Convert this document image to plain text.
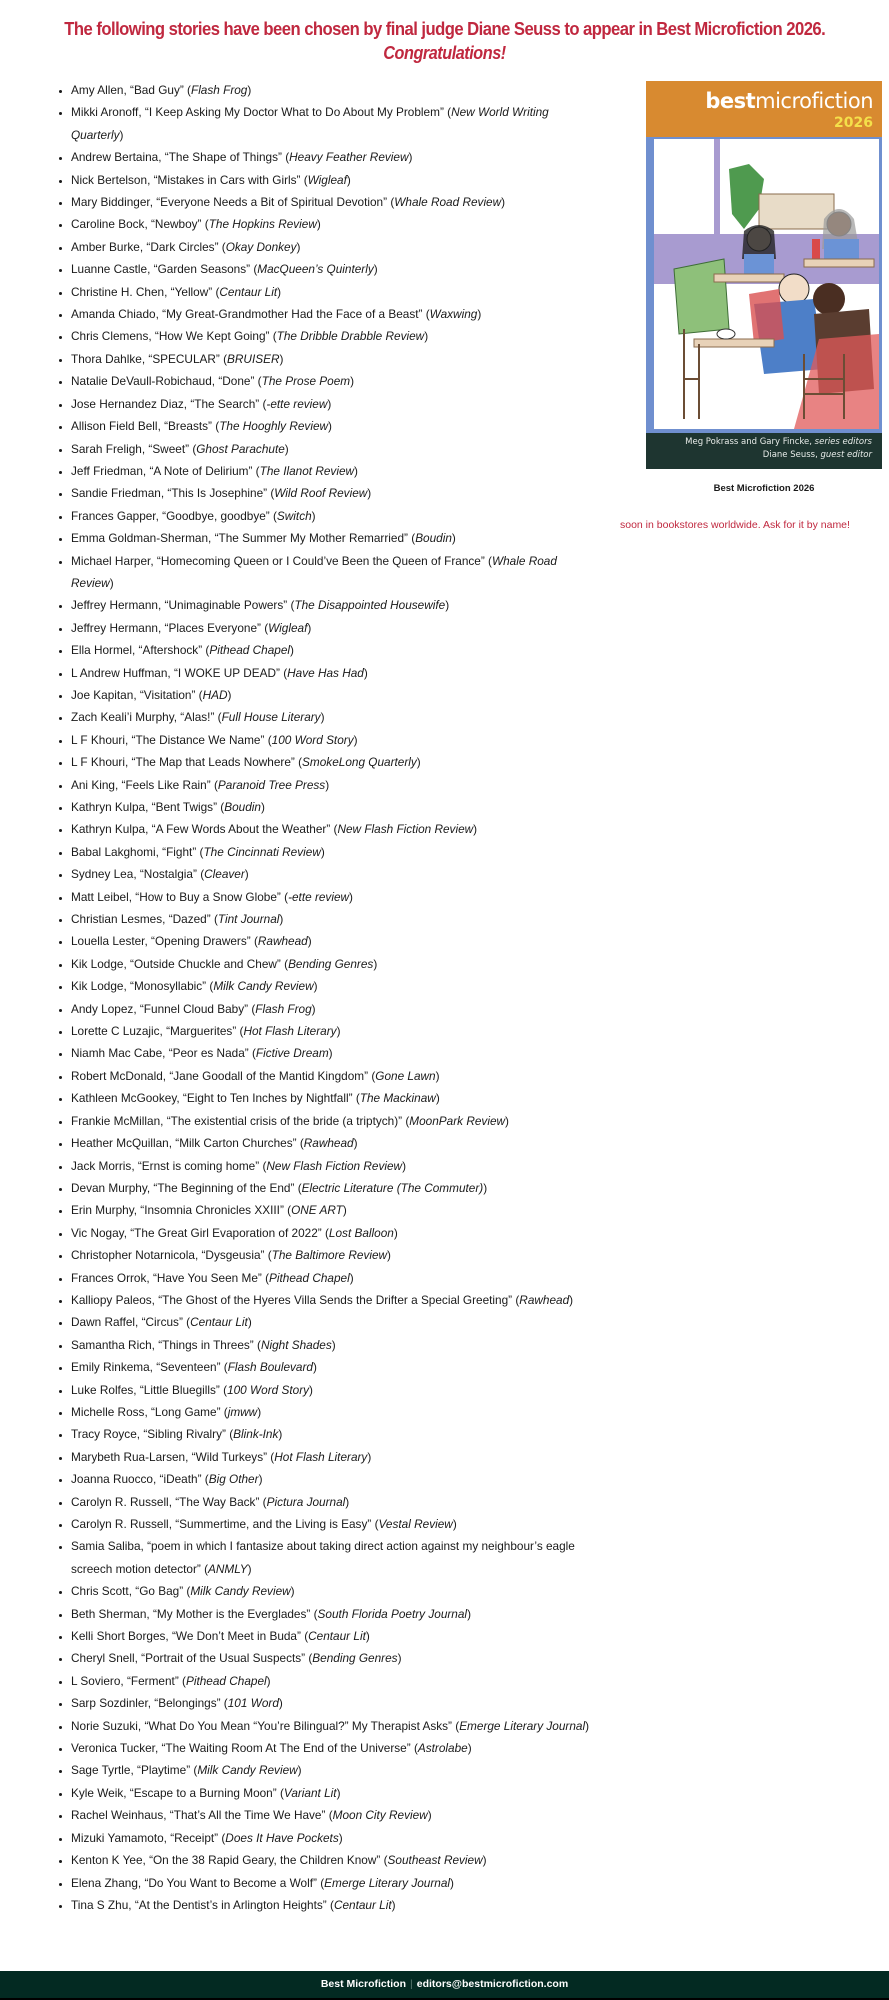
The following stories have been chosen by final judge Diane Seuss to appear in Best Microfiction 2026.
Congratulations!
• Amy Allen, “Bad Guy” (Flash Frog)
• Mikki Aronoff, “I Keep Asking My Doctor What to Do About My Problem” (New World Writing Quarterly)
• Andrew Bertaina, “The Shape of Things” (Heavy Feather Review)
• Nick Bertelson, “Mistakes in Cars with Girls” (Wigleaf)
• Mary Biddinger, “Everyone Needs a Bit of Spiritual Devotion” (Whale Road Review)
• Caroline Bock, “Newboy” (The Hopkins Review)
• Amber Burke, “Dark Circles” (Okay Donkey)
• Luanne Castle, “Garden Seasons” (MacQueen’s Quinterly)
• Christine H. Chen, “Yellow” (Centaur Lit)
• Amanda Chiado, “My Great-Grandmother Had the Face of a Beast” (Waxwing)
• Chris Clemens, “How We Kept Going” (The Dribble Drabble Review)
• Thora Dahlke, “SPECULAR” (BRUISER)
• Natalie DeVaull-Robichaud, “Done” (The Prose Poem)
• Jose Hernandez Diaz, “The Search” (-ette review)
• Allison Field Bell, “Breasts” (The Hooghly Review)
• Sarah Freligh, “Sweet” (Ghost Parachute)
• Jeff Friedman, “A Note of Delirium” (The Ilanot Review)
• Sandie Friedman, “This Is Josephine” (Wild Roof Review)
• Frances Gapper, “Goodbye, goodbye” (Switch)
• Emma Goldman-Sherman, “The Summer My Mother Remarried” (Boudin)
• Michael Harper, “Homecoming Queen or I Could’ve Been the Queen of France” (Whale Road Review)
• Jeffrey Hermann, “Unimaginable Powers” (The Disappointed Housewife)
• Jeffrey Hermann, “Places Everyone” (Wigleaf)
• Ella Hormel, “Aftershock” (Pithead Chapel)
• L Andrew Huffman, “I WOKE UP DEAD” (Have Has Had)
• Joe Kapitan, “Visitation” (HAD)
• Zach Keali’i Murphy, “Alas!” (Full House Literary)
• L F Khouri, “The Distance We Name” (100 Word Story)
• L F Khouri, “The Map that Leads Nowhere” (SmokeLong Quarterly)
• Ani King, “Feels Like Rain” (Paranoid Tree Press)
• Kathryn Kulpa, “Bent Twigs” (Boudin)
• Kathryn Kulpa, “A Few Words About the Weather” (New Flash Fiction Review)
• Babal Lakghomi, “Fight” (The Cincinnati Review)
• Sydney Lea, “Nostalgia” (Cleaver)
• Matt Leibel, “How to Buy a Snow Globe” (-ette review)
• Christian Lesmes, “Dazed” (Tint Journal)
• Louella Lester, “Opening Drawers” (Rawhead)
• Kik Lodge, “Outside Chuckle and Chew” (Bending Genres)
• Kik Lodge, “Monosyllabic” (Milk Candy Review)
• Andy Lopez, “Funnel Cloud Baby” (Flash Frog)
• Lorette C Luzajic, “Marguerites” (Hot Flash Literary)
• Niamh Mac Cabe, “Peor es Nada” (Fictive Dream)
• Robert McDonald, “Jane Goodall of the Mantid Kingdom” (Gone Lawn)
• Kathleen McGookey, “Eight to Ten Inches by Nightfall” (The Mackinaw)
• Frankie McMillan, “The existential crisis of the bride (a triptych)” (MoonPark Review)
• Heather McQuillan, “Milk Carton Churches” (Rawhead)
• Jack Morris, “Ernst is coming home” (New Flash Fiction Review)
• Devan Murphy, “The Beginning of the End” (Electric Literature (The Commuter))
• Erin Murphy, “Insomnia Chronicles XXIII” (ONE ART)
• Vic Nogay, “The Great Girl Evaporation of 2022” (Lost Balloon)
• Christopher Notarnicola, “Dysgeusia” (The Baltimore Review)
• Frances Orrok, “Have You Seen Me” (Pithead Chapel)
• Kalliopy Paleos, “The Ghost of the Hyeres Villa Sends the Drifter a Special Greeting” (Rawhead)
• Dawn Raffel, “Circus” (Centaur Lit)
• Samantha Rich, “Things in Threes” (Night Shades)
• Emily Rinkema, “Seventeen” (Flash Boulevard)
• Luke Rolfes, “Little Bluegills” (100 Word Story)
• Michelle Ross, “Long Game” (jmww)
• Tracy Royce, “Sibling Rivalry” (Blink-Ink)
• Marybeth Rua-Larsen, “Wild Turkeys” (Hot Flash Literary)
• Joanna Ruocco, “iDeath” (Big Other)
• Carolyn R. Russell, “The Way Back” (Pictura Journal)
• Carolyn R. Russell, “Summertime, and the Living is Easy” (Vestal Review)
• Samia Saliba, “poem in which I fantasize about taking direct action against my neighbour’s eagle screech motion detector” (ANMLY)
• Chris Scott, “Go Bag” (Milk Candy Review)
• Beth Sherman, “My Mother is the Everglades” (South Florida Poetry Journal)
• Kelli Short Borges, “We Don’t Meet in Buda” (Centaur Lit)
• Cheryl Snell, “Portrait of the Usual Suspects” (Bending Genres)
• L Soviero, “Ferment” (Pithead Chapel)
• Sarp Sozdinler, “Belongings” (101 Word)
• Norie Suzuki, “What Do You Mean “You’re Bilingual?” My Therapist Asks” (Emerge Literary Journal)
• Veronica Tucker, “The Waiting Room At The End of the Universe” (Astrolabe)
• Sage Tyrtle, “Playtime” (Milk Candy Review)
• Kyle Weik, “Escape to a Burning Moon” (Variant Lit)
• Rachel Weinhaus, “That’s All the Time We Have” (Moon City Review)
• Mizuki Yamamoto, “Receipt” (Does It Have Pockets)
• Kenton K Yee, “On the 38 Rapid Geary, the Children Know” (Southeast Review)
• Elena Zhang, “Do You Want to Become a Wolf” (Emerge Literary Journal)
• Tina S Zhu, “At the Dentist’s in Arlington Heights” (Centaur Lit)
bestmicrofiction
2026
Meg Pokrass and Gary Fincke, series editors
Diane Seuss, guest editor
Best Microfiction 2026
soon in bookstores worldwide. Ask for it by name!
Best Microfiction | editors@bestmicrofiction.com
